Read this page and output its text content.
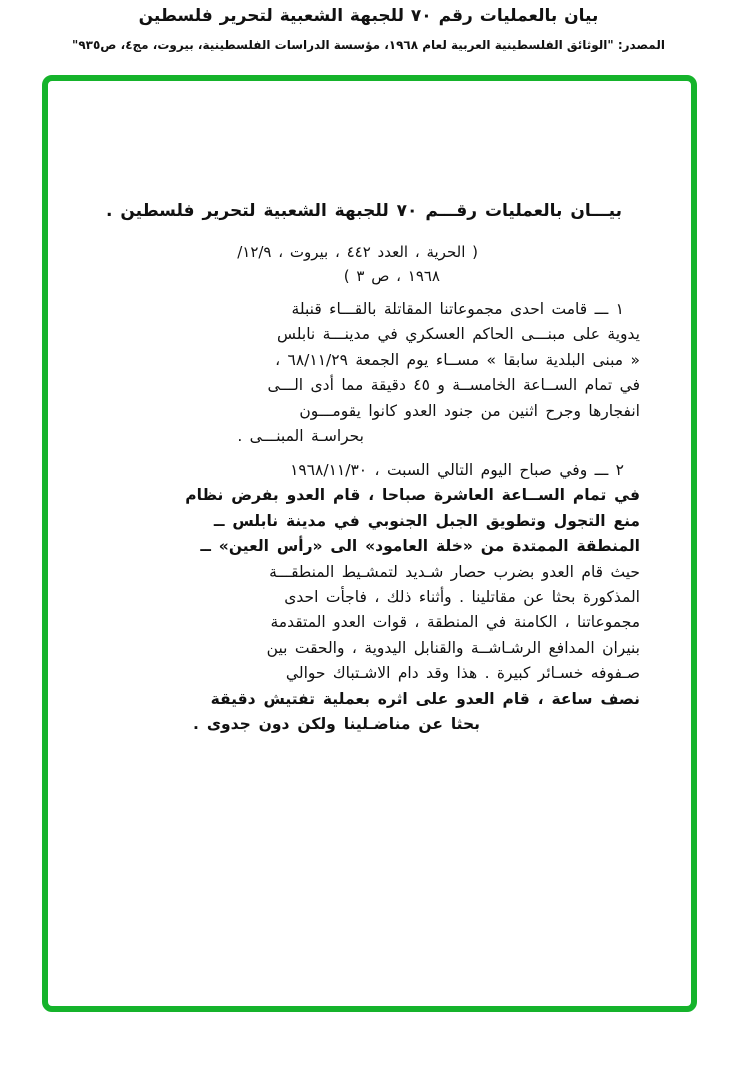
بيان بالعمليات رقم ٧٠ للجبهة الشعبية لتحرير فلسطين
المصدر: "الوثائق الفلسطينية العربية لعام ١٩٦٨، مؤسسة الدراسات الفلسطينية، بيروت، مج٤، ص٩٣٥"
بيـــان بالعمليات رقـــم ٧٠ للجبهة الشعبية لتحرير فلسطين .
( الحرية ، العدد ٤٤٢ ، بيروت ، ١٢/٩/
١٩٦٨ ، ص ٣ )
١ ـــ قامت احدى مجموعاتنا المقاتلة بالقـــاء قنبلة
يدوية على مبنـــى الحاكم العسكري في مدينـــة نابلس
« مبنى البلدية سابقا » مســاء يوم الجمعة ٦٨/١١/٢٩ ،
في تمام الســاعة الخامســة و ٤٥ دقيقة مما أدى الـــى
انفجارها وجرح اثنين من جنود العدو كانوا يقومـــون
بحراسـة المبنـــى .
٢ ـــ وفي صباح اليوم التالي السبت ، ١٩٦٨/١١/٣٠
في تمام الســاعة العاشرة صباحا ، قام العدو بفرض نظام
منع التجول وتطويق الجبل الجنوبي في مدينة نابلس ــ
المنطقة الممتدة من «خلة العامود» الى «رأس العين» ــ
حيث قام العدو بضرب حصار شـديد لتمشـيط المنطقـــة
المذكورة بحثا عن مقاتلينا . وأثناء ذلك ، فاجأت احدى
مجموعاتنا ، الكامنة في المنطقة ، قوات العدو المتقدمة
بنيران المدافع الرشـاشــة والقنابل اليدوية ، والحقت بين
صـفوفه خسـائر كبيرة . هذا وقد دام الاشـتباك حوالي
نصف ساعة ، قام العدو على اثره بعملية تفتيش دقيقة
بحثا عن مناضـلينا ولكن دون جدوى .
